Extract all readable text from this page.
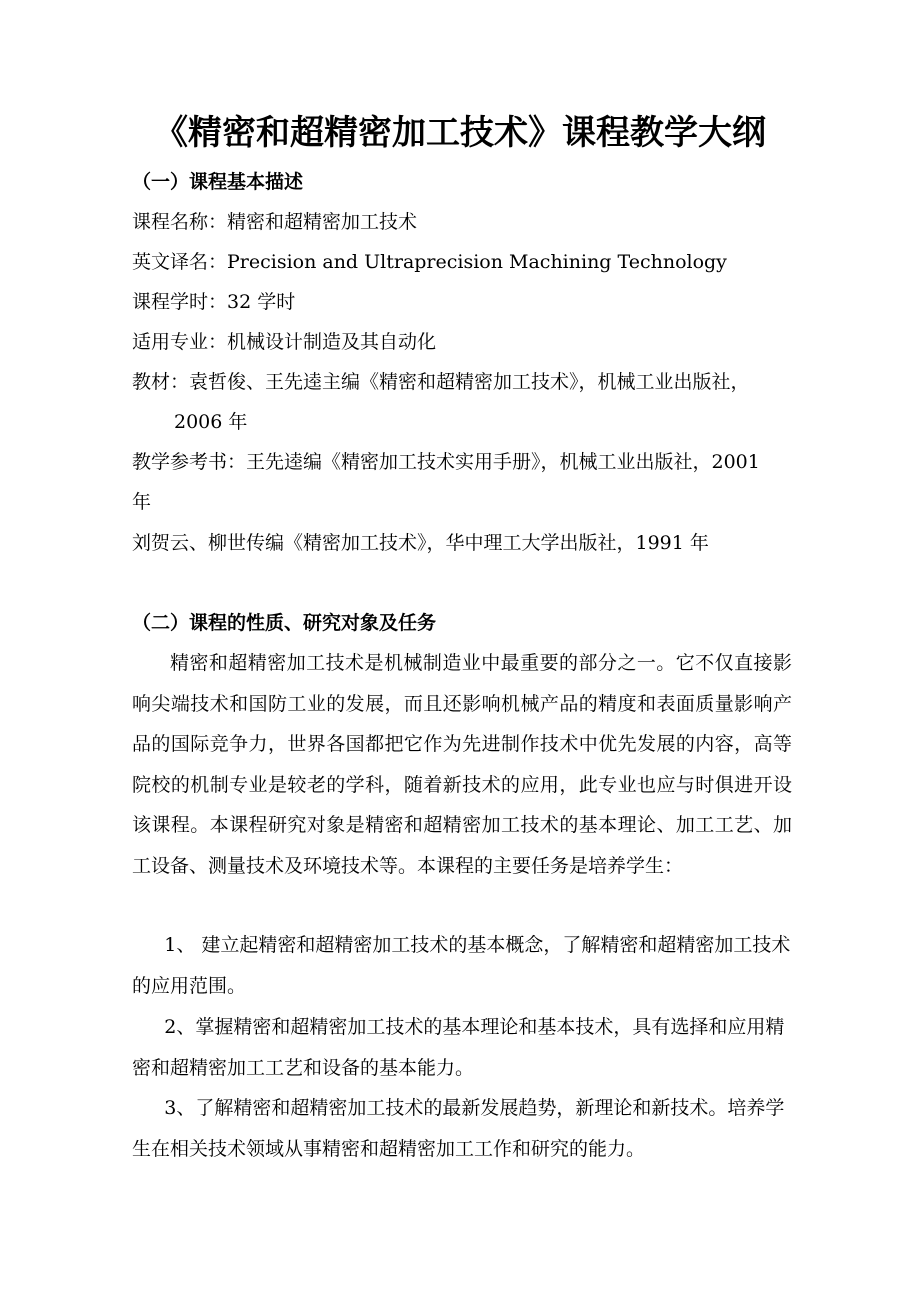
《精密和超精密加工技术》课程教学大纲
（一）课程基本描述
课程名称：精密和超精密加工技术
英文译名：Precision and Ultraprecision Machining Technology
课程学时：32 学时
适用专业：机械设计制造及其自动化
教材：袁哲俊、王先逵主编《精密和超精密加工技术》，机械工业出版社，
2006 年
教学参考书：王先逵编《精密加工技术实用手册》，机械工业出版社，2001
年
刘贺云、柳世传编《精密加工技术》，华中理工大学出版社，1991 年
（二）课程的性质、研究对象及任务
精密和超精密加工技术是机械制造业中最重要的部分之一。它不仅直接影响尖端技术和国防工业的发展，而且还影响机械产品的精度和表面质量影响产品的国际竞争力，世界各国都把它作为先进制作技术中优先发展的内容，高等院校的机制专业是较老的学科，随着新技术的应用，此专业也应与时俱进开设该课程。本课程研究对象是精密和超精密加工技术的基本理论、加工工艺、加工设备、测量技术及环境技术等。本课程的主要任务是培养学生：
1、 建立起精密和超精密加工技术的基本概念，了解精密和超精密加工技术的应用范围。
2、掌握精密和超精密加工技术的基本理论和基本技术，具有选择和应用精密和超精密加工工艺和设备的基本能力。
3、了解精密和超精密加工技术的最新发展趋势，新理论和新技术。培养学生在相关技术领域从事精密和超精密加工工作和研究的能力。
